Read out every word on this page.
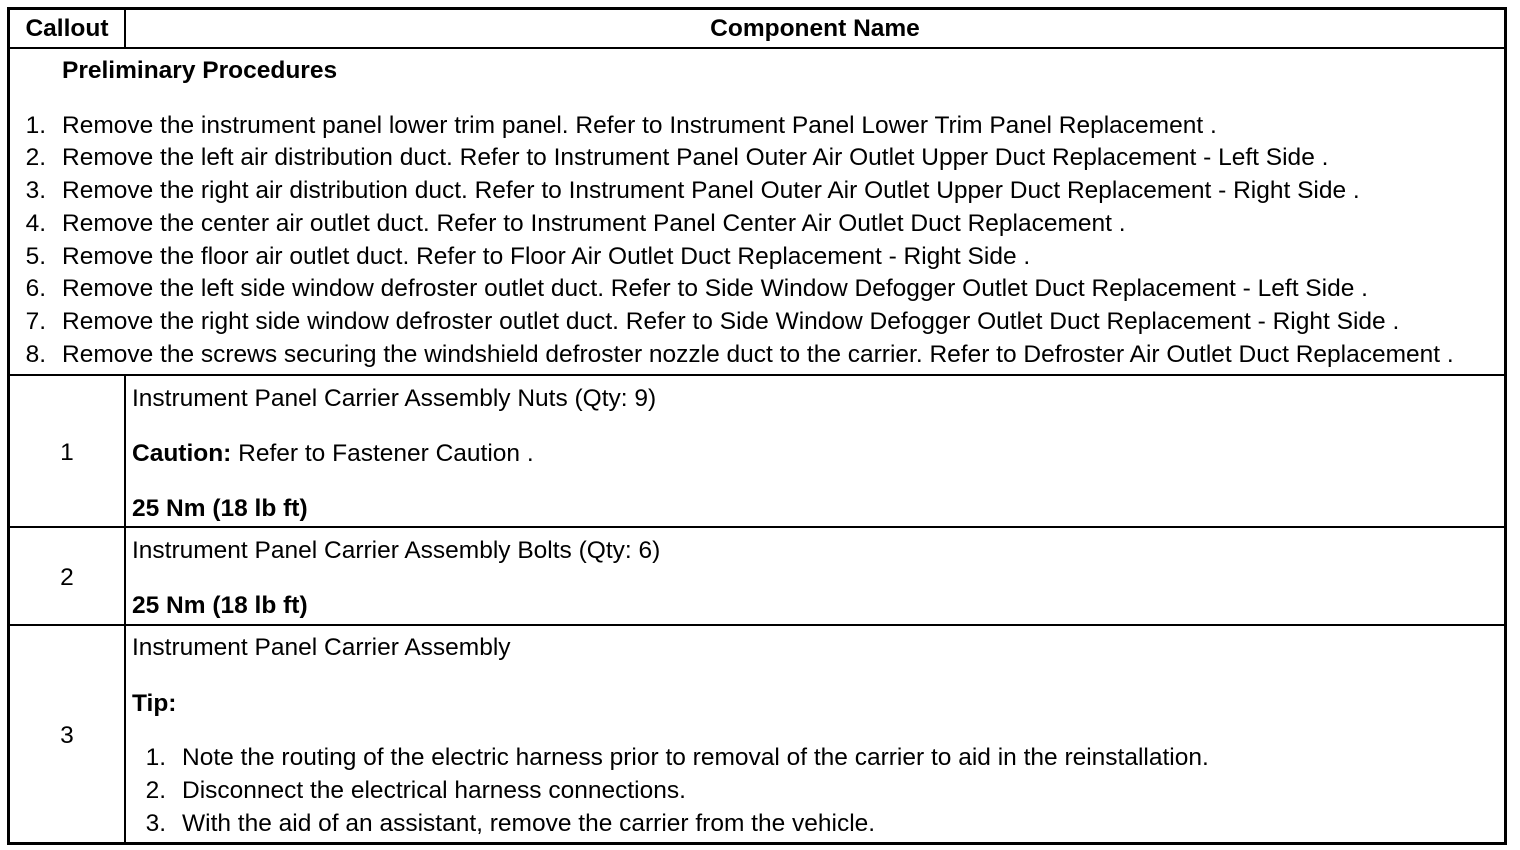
Callout	Component Name
Preliminary Procedures
1. Remove the instrument panel lower trim panel. Refer to Instrument Panel Lower Trim Panel Replacement .
2. Remove the left air distribution duct. Refer to Instrument Panel Outer Air Outlet Upper Duct Replacement - Left Side .
3. Remove the right air distribution duct. Refer to Instrument Panel Outer Air Outlet Upper Duct Replacement - Right Side .
4. Remove the center air outlet duct. Refer to Instrument Panel Center Air Outlet Duct Replacement .
5. Remove the floor air outlet duct. Refer to Floor Air Outlet Duct Replacement - Right Side .
6. Remove the left side window defroster outlet duct. Refer to Side Window Defogger Outlet Duct Replacement - Left Side .
7. Remove the right side window defroster outlet duct. Refer to Side Window Defogger Outlet Duct Replacement - Right Side .
8. Remove the screws securing the windshield defroster nozzle duct to the carrier. Refer to Defroster Air Outlet Duct Replacement .
1
Instrument Panel Carrier Assembly Nuts (Qty: 9)
Caution: Refer to Fastener Caution .
25 Nm (18 lb ft)
2
Instrument Panel Carrier Assembly Bolts (Qty: 6)
25 Nm (18 lb ft)
3
Instrument Panel Carrier Assembly
Tip:
1. Note the routing of the electric harness prior to removal of the carrier to aid in the reinstallation.
2. Disconnect the electrical harness connections.
3. With the aid of an assistant, remove the carrier from the vehicle.
